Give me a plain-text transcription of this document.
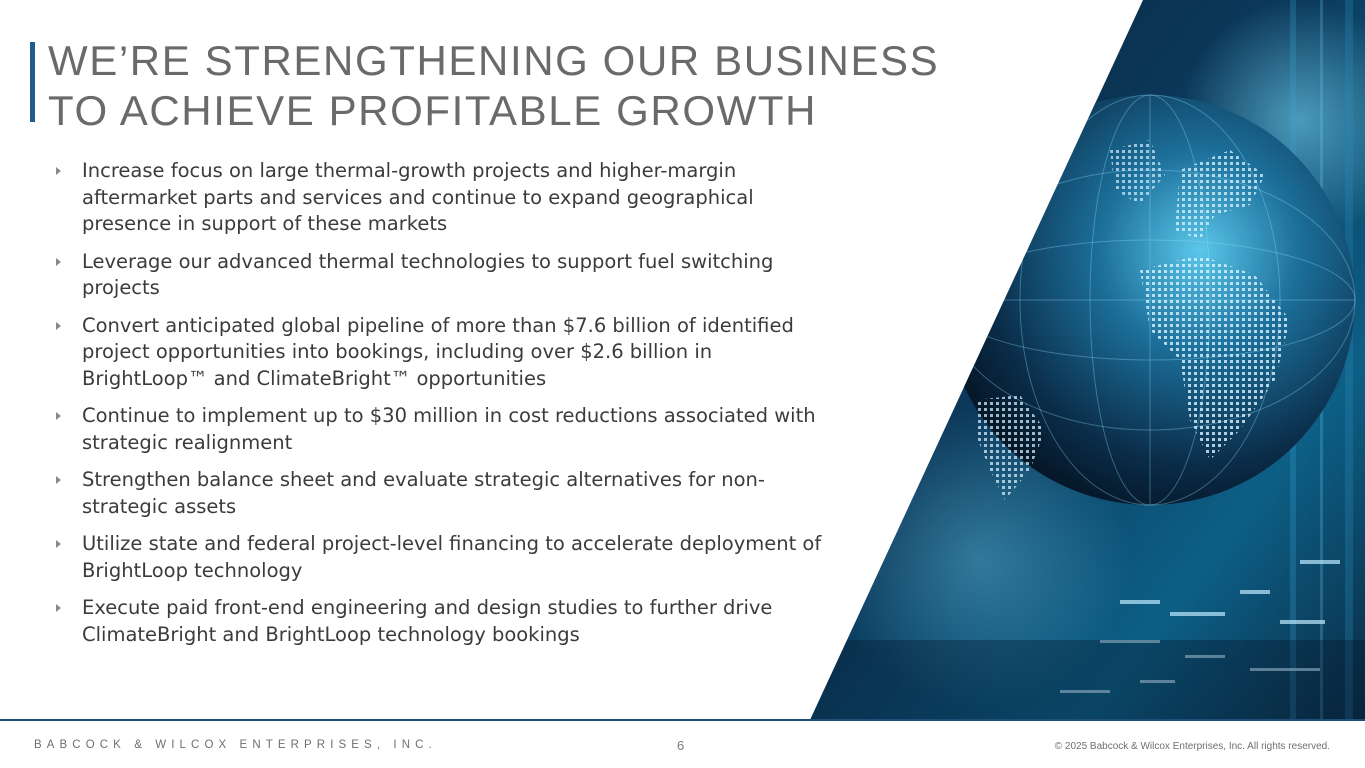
WE’RE STRENGTHENING OUR BUSINESS
TO ACHIEVE PROFITABLE GROWTH
Increase focus on large thermal-growth projects and higher-margin aftermarket parts and services and continue to expand geographical presence in support of these markets
Leverage our advanced thermal technologies to support fuel switching projects
Convert anticipated global pipeline of more than $7.6 billion of identified project opportunities into bookings, including over $2.6 billion in BrightLoop™ and ClimateBright™ opportunities
Continue to implement up to $30 million in cost reductions associated with strategic realignment
Strengthen balance sheet and evaluate strategic alternatives for non-strategic assets
Utilize state and federal project-level financing to accelerate deployment of BrightLoop technology
Execute paid front-end engineering and design studies to further drive ClimateBright and BrightLoop technology bookings
BABCOCK & WILCOX ENTERPRISES, INC.	6	© 2025 Babcock & Wilcox Enterprises, Inc. All rights reserved.
